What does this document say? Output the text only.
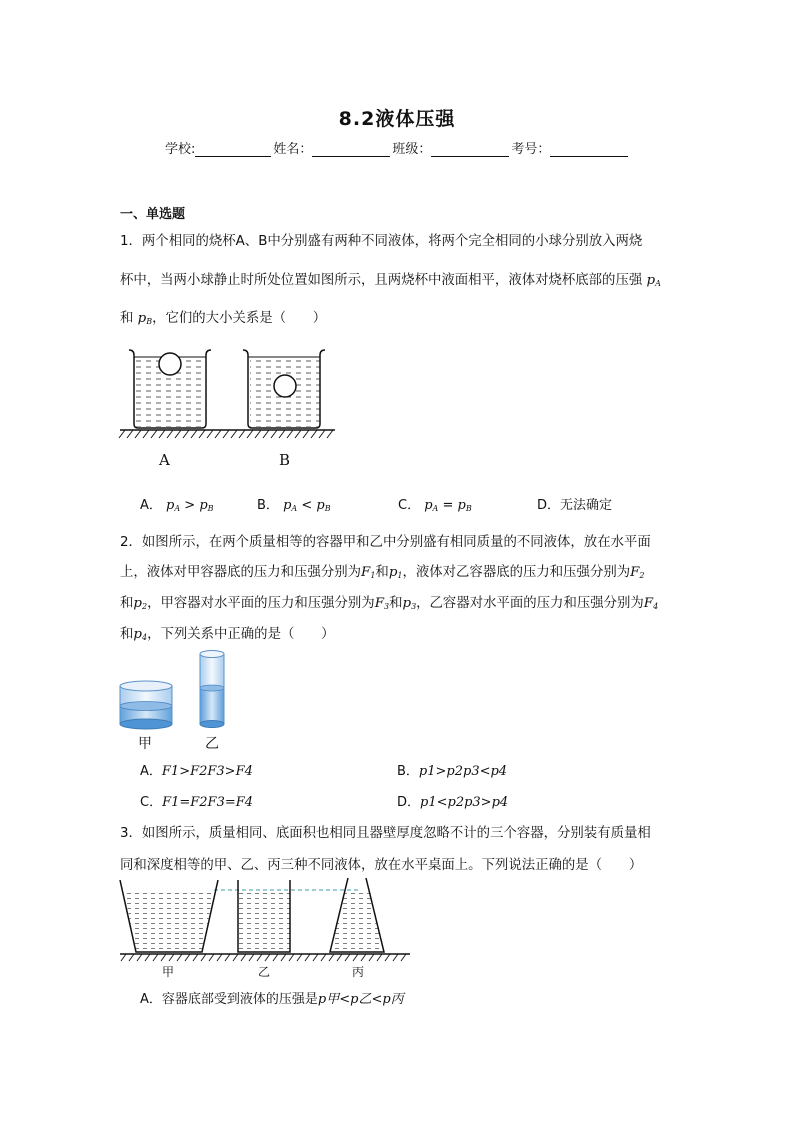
8.2液体压强
学校:	姓名：	班级：	考号：
一、单选题
1．两个相同的烧杯A、B中分别盛有两种不同液体，将两个完全相同的小球分别放入两烧
杯中，当两小球静止时所处位置如图所示，且两烧杯中液面相平，液体对烧杯底部的压强 $p_A$
和 $p_B$，它们的大小关系是（　　）
A	B
A． $p_A > p_B$	B． $p_A < p_B$	C． $p_A = p_B$	D．无法确定
2．如图所示，在两个质量相等的容器甲和乙中分别盛有相同质量的不同液体，放在水平面
上，液体对甲容器底的压力和压强分别为$F_1$和$p_1$，液体对乙容器底的压力和压强分别为$F_2$
和$p_2$，甲容器对水平面的压力和压强分别为$F_3$和$p_3$，乙容器对水平面的压力和压强分别为$F_4$
和$p_4$，下列关系中正确的是（　　）
甲	乙
A．F1>F2F3>F4	B．p1>p2p3<p4
C．F1=F2F3=F4	D．p1<p2p3>p4
3．如图所示，质量相同、底面积也相同且器壁厚度忽略不计的三个容器，分别装有质量相
同和深度相等的甲、乙、丙三种不同液体，放在水平桌面上。下列说法正确的是（　　）
甲	乙	丙
A．容器底部受到液体的压强是p甲<p乙<p丙
